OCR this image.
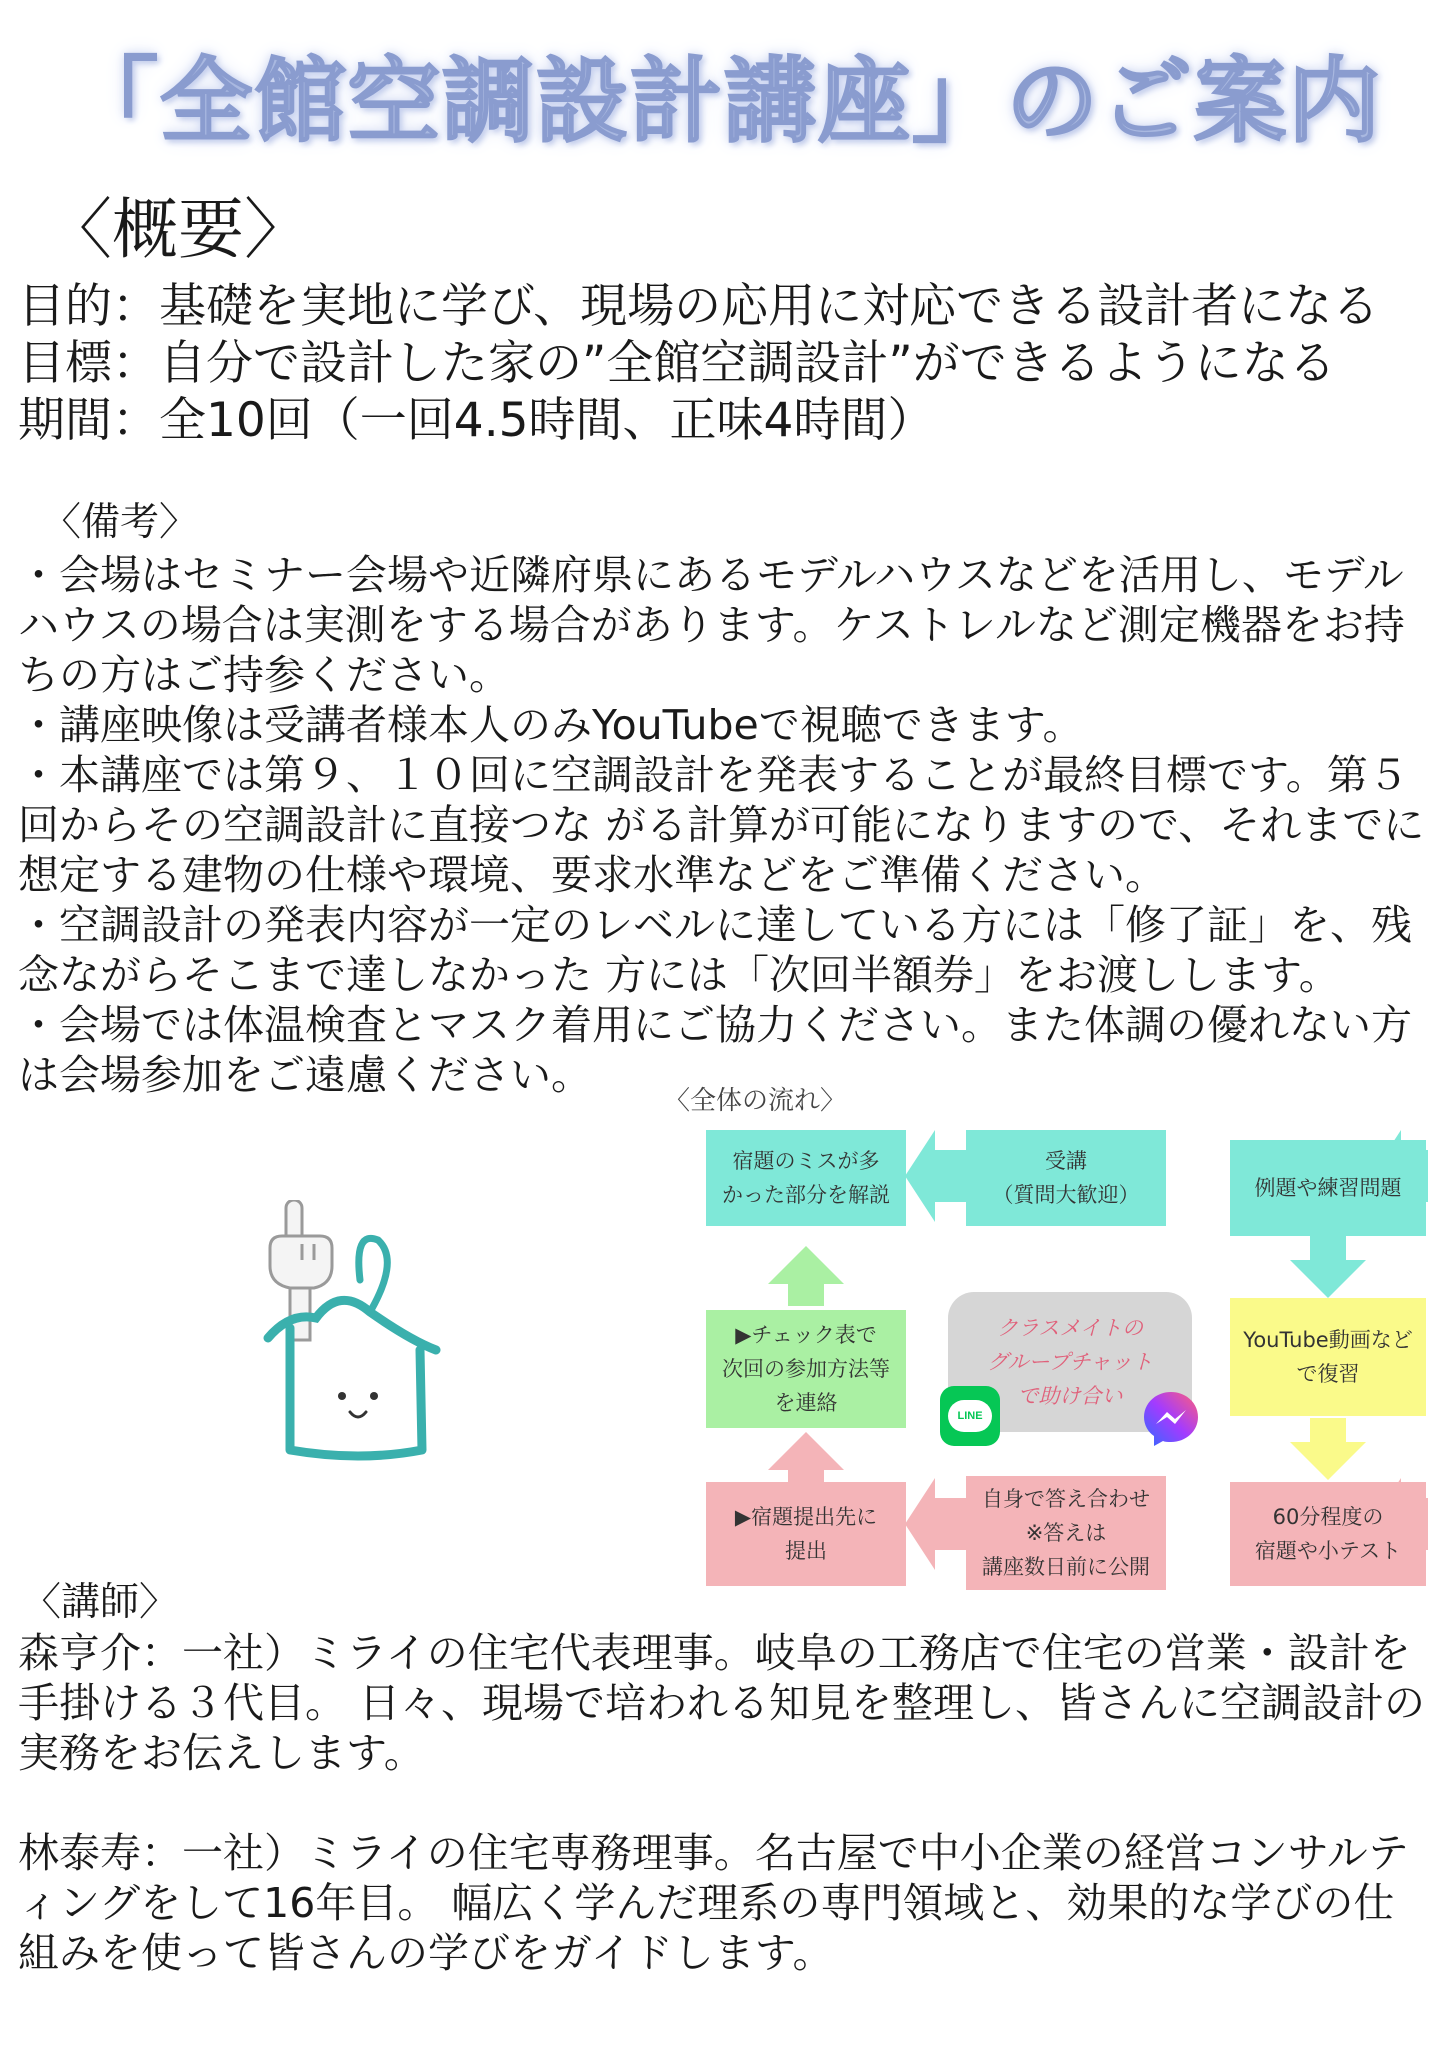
「全館空調設計講座」のご案内
〈概要〉
目的：基礎を実地に学び、現場の応用に対応できる設計者になる
目標：自分で設計した家の”全館空調設計”ができるようになる
期間：全10回（一回4.5時間、正味4時間）
〈備考〉
・会場はセミナー会場や近隣府県にあるモデルハウスなどを活用し、モデルハウスの場合は実測をする場合があります。ケストレルなど測定機器をお持ちの方はご持参ください。
・講座映像は受講者様本人のみYouTubeで視聴できます。
・本講座では第９、１０回に空調設計を発表することが最終目標です。第５回からその空調設計に直接つな がる計算が可能になりますので、それまでに想定する建物の仕様や環境、要求水準などをご準備ください。
・空調設計の発表内容が一定のレベルに達している方には「修了証」を、残念ながらそこまで達しなかった 方には「次回半額券」をお渡しします。
・会場では体温検査とマスク着用にご協力ください。また体調の優れない方は会場参加をご遠慮ください。
〈全体の流れ〉
宿題のミスが多
かった部分を解説
受講
（質問大歓迎）	例題や練習問題
▶チェック表で
次回の参加方法等
を連絡
クラスメイトの
グループチャット
で助け合い
YouTube動画など
で復習
LINE
▶宿題提出先に
提出
自身で答え合わせ
※答えは
講座数日前に公開
60分程度の
宿題や小テスト
〈講師〉
森亨介：一社）ミライの住宅代表理事。岐阜の工務店で住宅の営業・設計を手掛ける３代目。 日々、現場で培われる知見を整理し、皆さんに空調設計の実務をお伝えします。
林泰寿：一社）ミライの住宅専務理事。名古屋で中小企業の経営コンサルティングをして16年目。 幅広く学んだ理系の専門領域と、効果的な学びの仕組みを使って皆さんの学びをガイドします。
